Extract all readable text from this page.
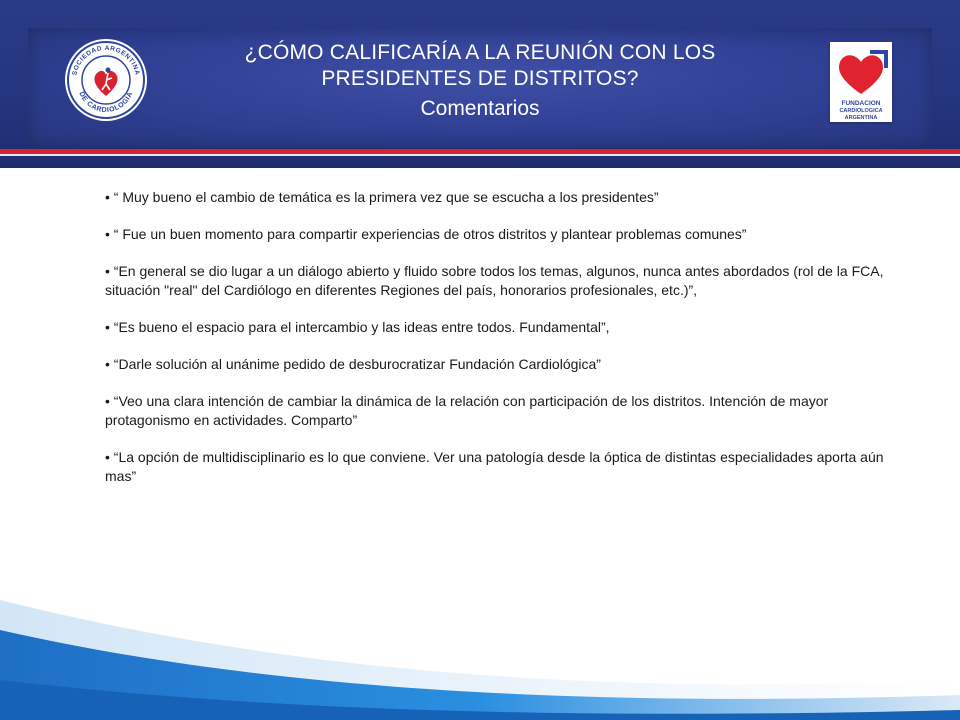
SOCIEDAD ARGENTINA
DE CARDIOLOGIA
FUNDACION
CARDIOLOGICA
ARGENTINA
¿CÓMO CALIFICARÍA A LA REUNIÓN CON LOS PRESIDENTES DE DISTRITOS?
Comentarios

• “ Muy bueno el cambio de temática es la primera vez que se escucha a los presidentes”

• “ Fue un buen momento para compartir experiencias de otros distritos y plantear problemas comunes”

• “En general se dio lugar a un diálogo abierto y fluido sobre todos los temas, algunos, nunca antes abordados (rol de la FCA, situación "real" del Cardiólogo en diferentes Regiones del país, honorarios profesionales, etc.)”,

• “Es bueno el espacio para el intercambio y las ideas entre todos. Fundamental”,

• “Darle solución al unánime pedido de desburocratizar Fundación Cardiológica”

• “Veo una clara intención de cambiar la dinámica de la relación con participación de los distritos. Intención de mayor protagonismo en actividades. Comparto”

• “La opción de multidisciplinario es lo que conviene. Ver una patología desde la óptica de distintas especialidades aporta aún mas”
